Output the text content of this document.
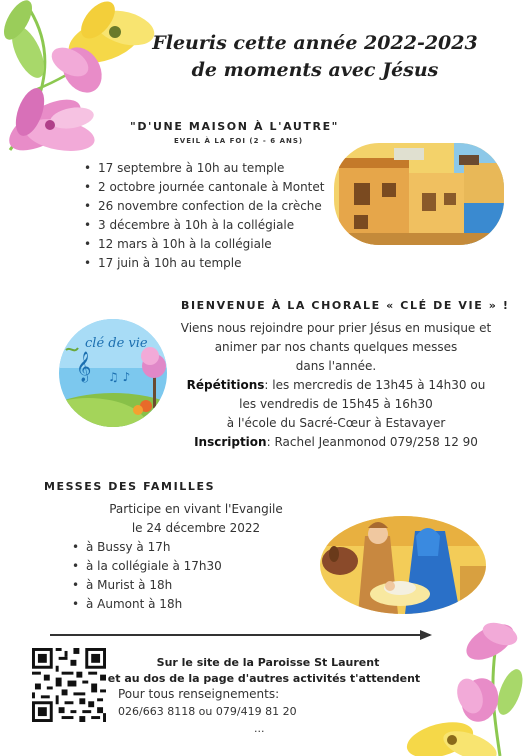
Fleuris cette année 2022-2023
de moments avec Jésus
"D'UNE MAISON À L'AUTRE"
EVEIL À LA FOI (2 - 6 ANS)
• 17 septembre à 10h au temple
• 2 octobre journée cantonale à Montet
• 26 novembre confection de la crèche
• 3 décembre à 10h à la collégiale
• 12 mars à 10h à la collégiale
• 17 juin à 10h au temple
BIENVENUE À LA CHORALE « CLÉ DE VIE » !
clé de vie
𝄞 ♫ ♪
Viens nous rejoindre pour prier Jésus en musique et
animer par nos chants quelques messes
dans l'année.
Répétitions: les mercredis de 13h45 à 14h30 ou
les vendredis de 15h45 à 16h30
à l'école du Sacré-Cœur à Estavayer
Inscription: Rachel Jeanmonod 079/258 12 90
MESSES DES FAMILLES
Participe en vivant l'Evangile
le 24 décembre 2022
• à Bussy à 17h
• à la collégiale à 17h30
• à Murist à 18h
• à Aumont à 18h
Sur le site de la Paroisse St Laurent
et au dos de la page d'autres activités t'attendent
Pour tous renseignements:
026/663 8118 ou 079/419 81 20
...
